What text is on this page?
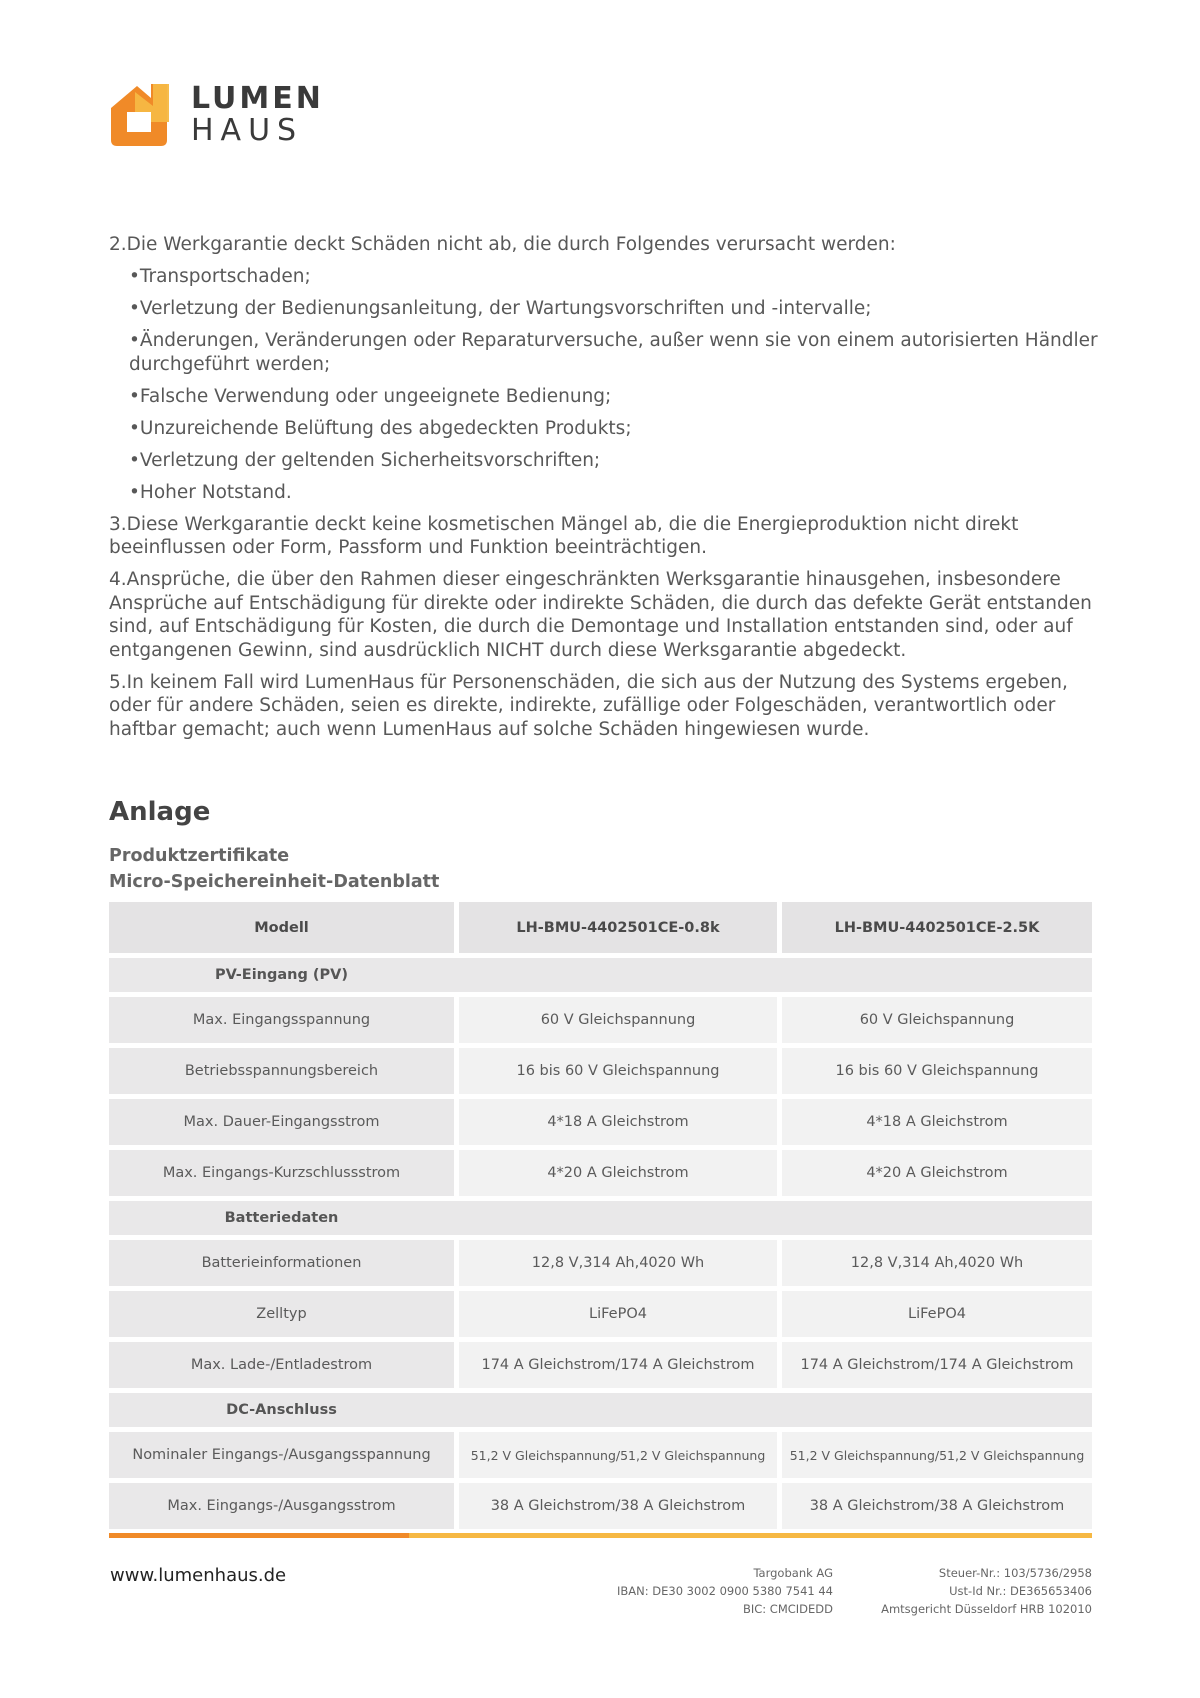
LUMEN
HAUS
2.Die Werkgarantie deckt Schäden nicht ab, die durch Folgendes verursacht werden:
•Transportschaden;
•Verletzung der Bedienungsanleitung, der Wartungsvorschriften und -intervalle;
•Änderungen, Veränderungen oder Reparaturversuche, außer wenn sie von einem autorisierten Händler durchgeführt werden;
•Falsche Verwendung oder ungeeignete Bedienung;
•Unzureichende Belüftung des abgedeckten Produkts;
•Verletzung der geltenden Sicherheitsvorschriften;
•Hoher Notstand.
3.Diese Werkgarantie deckt keine kosmetischen Mängel ab, die die Energieproduktion nicht direkt beeinflussen oder Form, Passform und Funktion beeinträchtigen.
4.Ansprüche, die über den Rahmen dieser eingeschränkten Werksgarantie hinausgehen, insbesondere Ansprüche auf Entschädigung für direkte oder indirekte Schäden, die durch das defekte Gerät entstanden sind, auf Entschädigung für Kosten, die durch die Demontage und Installation entstanden sind, oder auf entgangenen Gewinn, sind ausdrücklich NICHT durch diese Werksgarantie abgedeckt.
5.In keinem Fall wird LumenHaus für Personenschäden, die sich aus der Nutzung des Systems ergeben, oder für andere Schäden, seien es direkte, indirekte, zufällige oder Folgeschäden, verantwortlich oder haftbar gemacht; auch wenn LumenHaus auf solche Schäden hingewiesen wurde.
Anlage
Produktzertifikate
Micro-Speichereinheit-Datenblatt
Modell	LH-BMU-4402501CE-0.8k	LH-BMU-4402501CE-2.5K
PV-Eingang (PV)
Max. Eingangsspannung	60 V Gleichspannung	60 V Gleichspannung
Betriebsspannungsbereich	16 bis 60 V Gleichspannung	16 bis 60 V Gleichspannung
Max. Dauer-Eingangsstrom	4*18 A Gleichstrom	4*18 A Gleichstrom
Max. Eingangs-Kurzschlussstrom	4*20 A Gleichstrom	4*20 A Gleichstrom
Batteriedaten
Batterieinformationen	12,8 V,314 Ah,4020 Wh	12,8 V,314 Ah,4020 Wh
Zelltyp	LiFePO4	LiFePO4
Max. Lade-/Entladestrom	174 A Gleichstrom/174 A Gleichstrom	174 A Gleichstrom/174 A Gleichstrom
DC-Anschluss
Nominaler Eingangs-/Ausgangsspannung	51,2 V Gleichspannung/51,2 V Gleichspannung	51,2 V Gleichspannung/51,2 V Gleichspannung
Max. Eingangs-/Ausgangsstrom	38 A Gleichstrom/38 A Gleichstrom	38 A Gleichstrom/38 A Gleichstrom
www.lumenhaus.de	Targobank AG
IBAN: DE30 3002 0900 5380 7541 44
BIC: CMCIDEDD
Steuer-Nr.: 103/5736/2958
Ust-Id Nr.: DE365653406
Amtsgericht Düsseldorf HRB 102010
